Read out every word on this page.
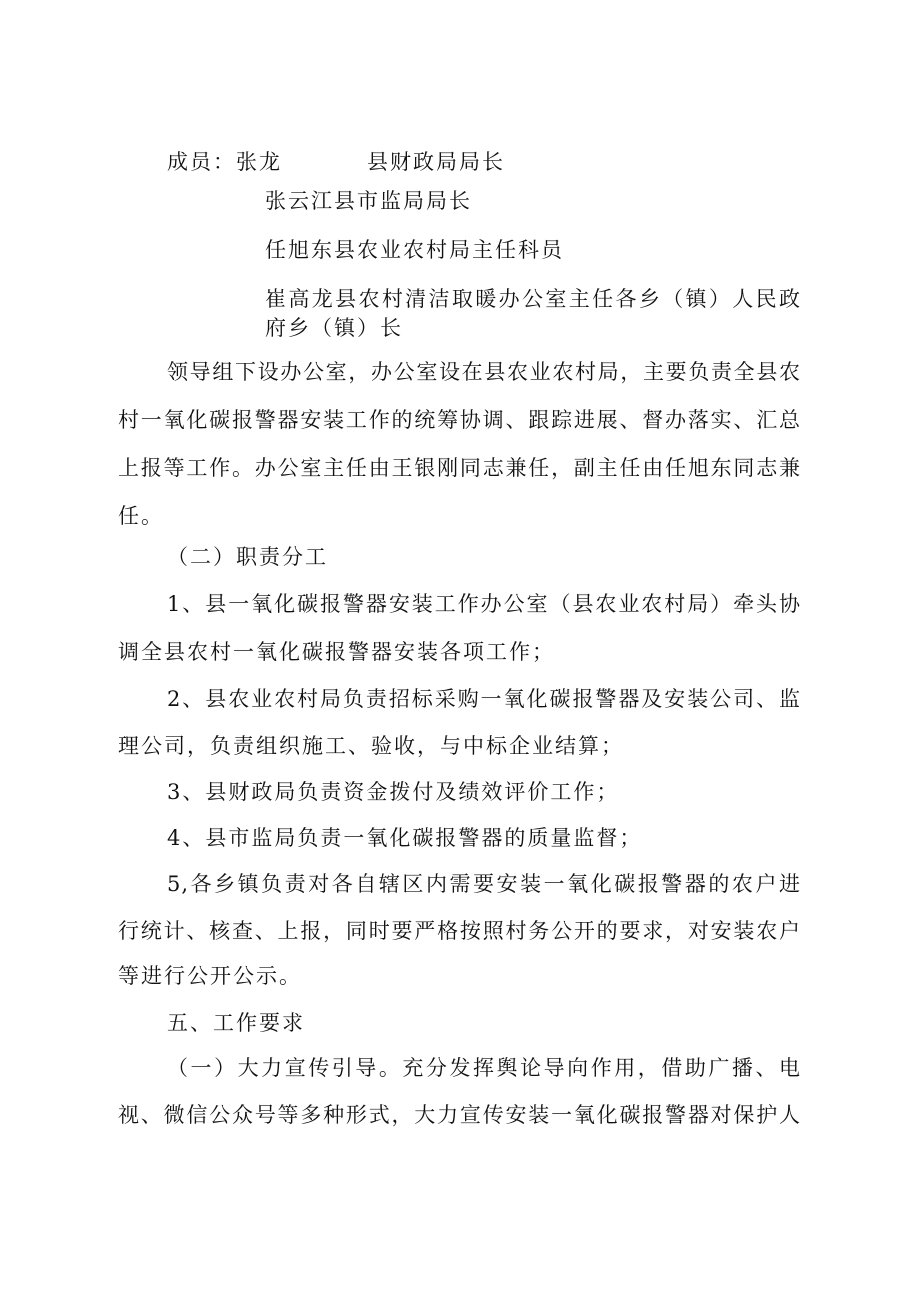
成员：张龙	县财政局局长
张云江县市监局局长
任旭东县农业农村局主任科员
崔高龙县农村清洁取暖办公室主任各乡（镇）人民政
府乡（镇）长
领导组下设办公室，办公室设在县农业农村局，主要负责全县农
村一氧化碳报警器安装工作的统筹协调、跟踪进展、督办落实、汇总
上报等工作。办公室主任由王银刚同志兼任，副主任由任旭东同志兼
任。
（二）职责分工
1、县一氧化碳报警器安装工作办公室（县农业农村局）牵头协
调全县农村一氧化碳报警器安装各项工作；
2、县农业农村局负责招标采购一氧化碳报警器及安装公司、监
理公司，负责组织施工、验收，与中标企业结算；
3、县财政局负责资金拨付及绩效评价工作；
4、县市监局负责一氧化碳报警器的质量监督；
5,各乡镇负责对各自辖区内需要安装一氧化碳报警器的农户进
行统计、核查、上报，同时要严格按照村务公开的要求，对安装农户
等进行公开公示。
五、工作要求
（一）大力宣传引导。充分发挥舆论导向作用，借助广播、电
视、微信公众号等多种形式，大力宣传安装一氧化碳报警器对保护人
